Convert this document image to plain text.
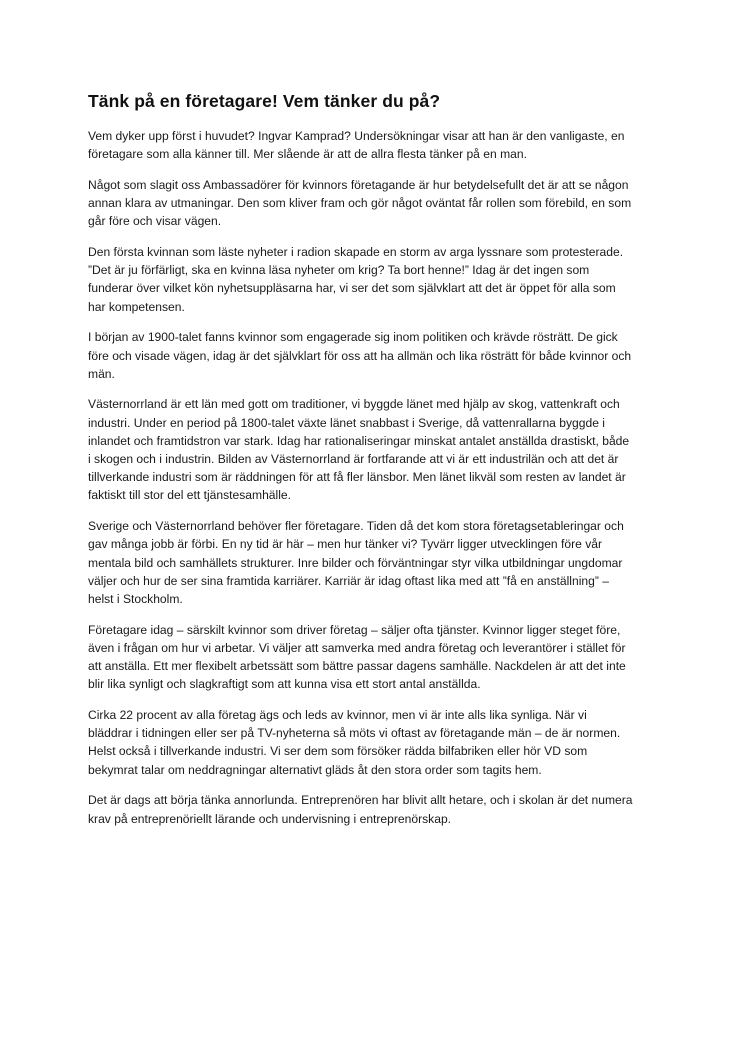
Tänk på en företagare! Vem tänker du på?

Vem dyker upp först i huvudet? Ingvar Kamprad? Undersökningar visar att han är den vanligaste, en företagare som alla känner till. Mer slående är att de allra flesta tänker på en man.

Något som slagit oss Ambassadörer för kvinnors företagande är hur betydelsefullt det är att se någon annan klara av utmaningar. Den som kliver fram och gör något oväntat får rollen som förebild, en som går före och visar vägen.

Den första kvinnan som läste nyheter i radion skapade en storm av arga lyssnare som protesterade. ”Det är ju förfärligt, ska en kvinna läsa nyheter om krig? Ta bort henne!” Idag är det ingen som funderar över vilket kön nyhetsuppläsarna har, vi ser det som självklart att det är öppet för alla som har kompetensen.

I början av 1900-talet fanns kvinnor som engagerade sig inom politiken och krävde rösträtt. De gick före och visade vägen, idag är det självklart för oss att ha allmän och lika rösträtt för både kvinnor och män.

Västernorrland är ett län med gott om traditioner, vi byggde länet med hjälp av skog, vattenkraft och industri. Under en period på 1800-talet växte länet snabbast i Sverige, då vattenrallarna byggde i inlandet och framtidstron var stark. Idag har rationaliseringar minskat antalet anställda drastiskt, både i skogen och i industrin. Bilden av Västernorrland är fortfarande att vi är ett industrilän och att det är tillverkande industri som är räddningen för att få fler länsbor. Men länet likväl som resten av landet är faktiskt till stor del ett tjänstesamhälle.

Sverige och Västernorrland behöver fler företagare. Tiden då det kom stora företagsetableringar och gav många jobb är förbi. En ny tid är här – men hur tänker vi? Tyvärr ligger utvecklingen före vår mentala bild och samhällets strukturer. Inre bilder och förväntningar styr vilka utbildningar ungdomar väljer och hur de ser sina framtida karriärer. Karriär är idag oftast lika med att ”få en anställning” – helst i Stockholm.

Företagare idag – särskilt kvinnor som driver företag – säljer ofta tjänster. Kvinnor ligger steget före, även i frågan om hur vi arbetar. Vi väljer att samverka med andra företag och leverantörer i stället för att anställa. Ett mer flexibelt arbetssätt som bättre passar dagens samhälle. Nackdelen är att det inte blir lika synligt och slagkraftigt som att kunna visa ett stort antal anställda.

Cirka 22 procent av alla företag ägs och leds av kvinnor, men vi är inte alls lika synliga. När vi bläddrar i tidningen eller ser på TV-nyheterna så möts vi oftast av företagande män – de är normen. Helst också i tillverkande industri. Vi ser dem som försöker rädda bilfabriken eller hör VD som bekymrat talar om neddragningar alternativt gläds åt den stora order som tagits hem.

Det är dags att börja tänka annorlunda. Entreprenören har blivit allt hetare, och i skolan är det numera krav på entreprenöriellt lärande och undervisning i entreprenörskap.
